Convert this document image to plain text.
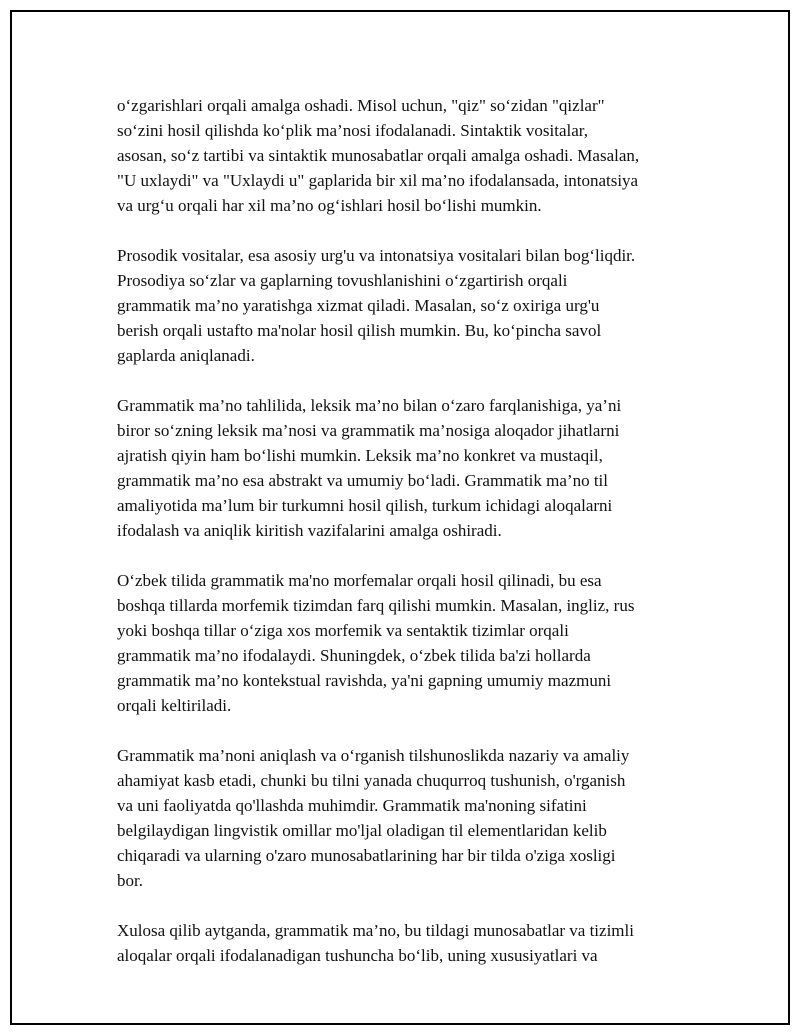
o‘zgarishlari orqali amalga oshadi. Misol uchun, "qiz" so‘zidan "qizlar"
so‘zini hosil qilishda ko‘plik ma’nosi ifodalanadi. Sintaktik vositalar,
asosan, so‘z tartibi va sintaktik munosabatlar orqali amalga oshadi. Masalan,
"U uxlaydi" va "Uxlaydi u" gaplarida bir xil ma’no ifodalansada, intonatsiya
va urg‘u orqali har xil ma’no og‘ishlari hosil bo‘lishi mumkin.

Prosodik vositalar, esa asosiy urg'u va intonatsiya vositalari bilan bog‘liqdir.
Prosodiya so‘zlar va gaplarning tovushlanishini o‘zgartirish orqali
grammatik ma’no yaratishga xizmat qiladi. Masalan, so‘z oxiriga urg'u
berish orqali ustafto ma'nolar hosil qilish mumkin. Bu, ko‘pincha savol
gaplarda aniqlanadi.

Grammatik ma’no tahlilida, leksik ma’no bilan o‘zaro farqlanishiga, ya’ni
biror so‘zning leksik ma’nosi va grammatik ma’nosiga aloqador jihatlarni
ajratish qiyin ham bo‘lishi mumkin. Leksik ma’no konkret va mustaqil,
grammatik ma’no esa abstrakt va umumiy bo‘ladi. Grammatik ma’no til
amaliyotida ma’lum bir turkumni hosil qilish, turkum ichidagi aloqalarni
ifodalash va aniqlik kiritish vazifalarini amalga oshiradi.

O‘zbek tilida grammatik ma'no morfemalar orqali hosil qilinadi, bu esa
boshqa tillarda morfemik tizimdan farq qilishi mumkin. Masalan, ingliz, rus
yoki boshqa tillar o‘ziga xos morfemik va sentaktik tizimlar orqali
grammatik ma’no ifodalaydi. Shuningdek, o‘zbek tilida ba'zi hollarda
grammatik ma’no kontekstual ravishda, ya'ni gapning umumiy mazmuni
orqali keltiriladi.

Grammatik ma’noni aniqlash va o‘rganish tilshunoslikda nazariy va amaliy
ahamiyat kasb etadi, chunki bu tilni yanada chuqurroq tushunish, o'rganish
va uni faoliyatda qo'llashda muhimdir. Grammatik ma'noning sifatini
belgilaydigan lingvistik omillar mo'ljal oladigan til elementlaridan kelib
chiqaradi va ularning o'zaro munosabatlarining har bir tilda o'ziga xosligi
bor.

Xulosa qilib aytganda, grammatik ma’no, bu tildagi munosabatlar va tizimli
aloqalar orqali ifodalanadigan tushuncha bo‘lib, uning xususiyatlari va
